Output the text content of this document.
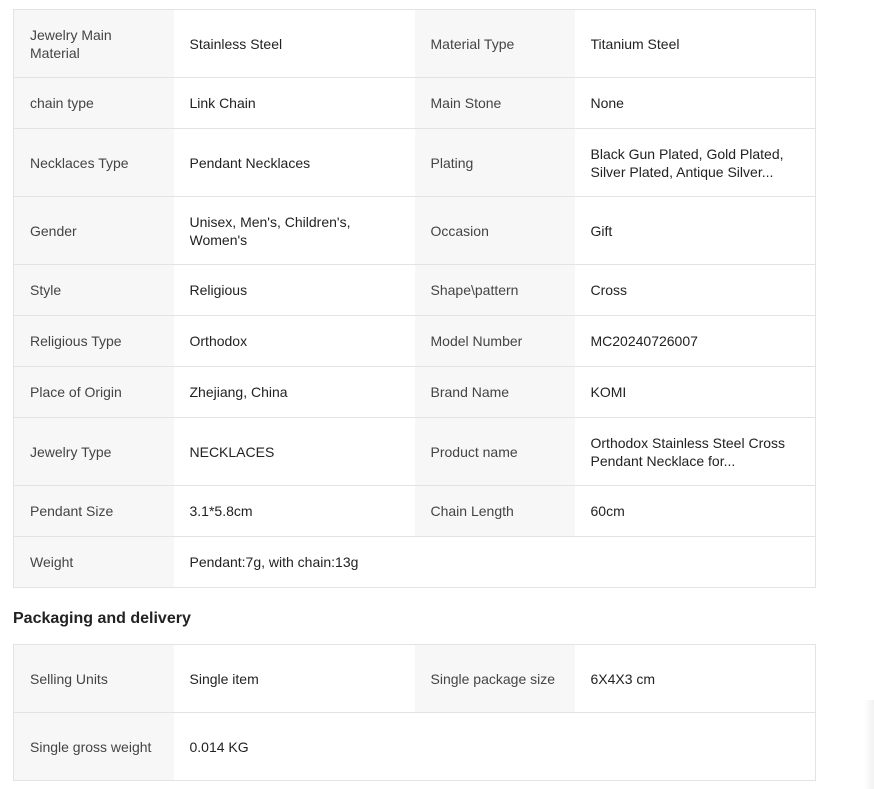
Jewelry Main Material	Stainless Steel	Material Type	Titanium Steel

chain type	Link Chain	Main Stone	None

Necklaces Type	Pendant Necklaces	Plating	Black Gun Plated, Gold Plated, Silver Plated, Antique Silver...

Gender	Unisex, Men's, Children's, Women's	Occasion	Gift

Style	Religious	Shape\pattern	Cross

Religious Type	Orthodox	Model Number	MC20240726007

Place of Origin	Zhejiang, China	Brand Name	KOMI

Jewelry Type	NECKLACES	Product name	Orthodox Stainless Steel Cross Pendant Necklace for...

Pendant Size	3.1*5.8cm	Chain Length	60cm

Weight	Pendant:7g, with chain:13g		
Packaging and delivery
Selling Units	Single item	Single package size	6X4X3 cm

Single gross weight	0.014 KG		
